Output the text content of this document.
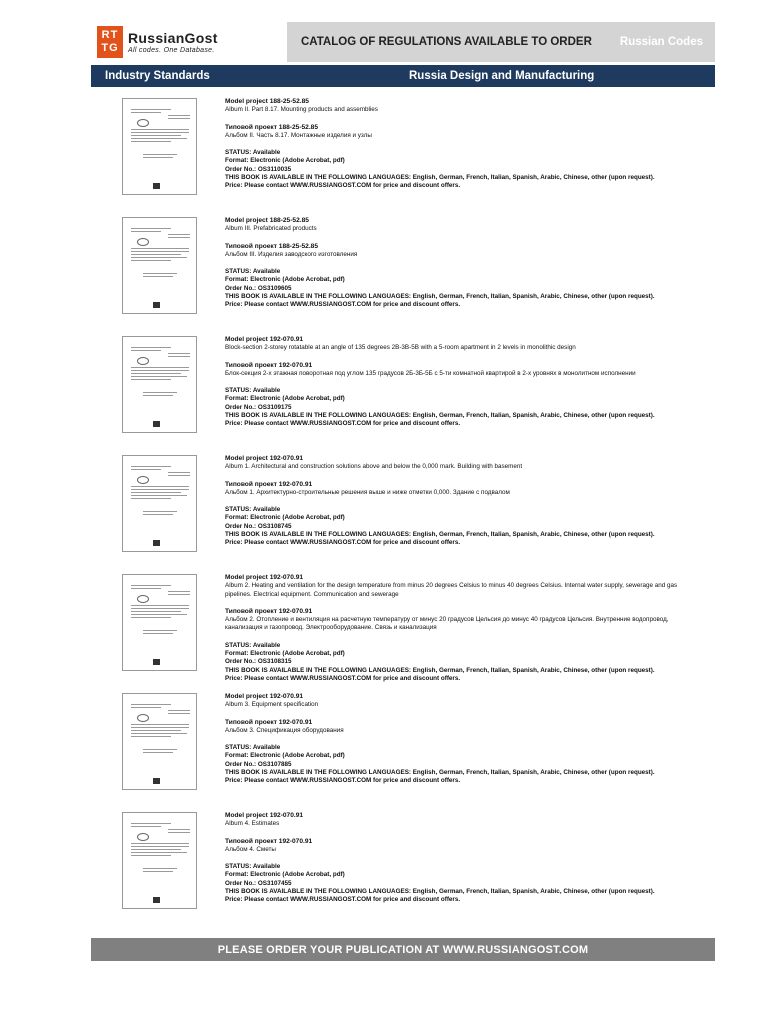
RT
TG
RussianGost
All codes. One Database.
CATALOG OF REGULATIONS AVAILABLE TO ORDER Russian Codes
Industry Standards	Russia Design and Manufacturing
Model project 188-25-52.85
Album II. Part 8.17. Mounting products and assemblies
Типовой проект 188-25-52.85
Альбом II. Часть 8.17. Монтажные изделия и узлы
STATUS: Available
Format: Electronic (Adobe Acrobat, pdf)
Order No.: OS3110035
THIS BOOK IS AVAILABLE IN THE FOLLOWING LANGUAGES: English, German, French, Italian, Spanish, Arabic, Chinese, other (upon request).
Price: Please contact WWW.RUSSIANGOST.COM for price and discount offers.
Model project 188-25-52.85
Album III. Prefabricated products
Типовой проект 188-25-52.85
Альбом III. Изделия заводского изготовления
STATUS: Available
Format: Electronic (Adobe Acrobat, pdf)
Order No.: OS3109605
THIS BOOK IS AVAILABLE IN THE FOLLOWING LANGUAGES: English, German, French, Italian, Spanish, Arabic, Chinese, other (upon request).
Price: Please contact WWW.RUSSIANGOST.COM for price and discount offers.
Model project 192-070.91
Block-section 2-storey rotatable at an angle of 135 degrees 2B-3B-5B with a 5-room apartment in 2 levels in monolithic design
Типовой проект 192-070.91
Блок-секция 2-х этажная поворотная под углом 135 градусов 2Б-3Б-5Б с 5-ти комнатной квартирой в 2-х уровнях в монолитном исполнении
STATUS: Available
Format: Electronic (Adobe Acrobat, pdf)
Order No.: OS3109175
THIS BOOK IS AVAILABLE IN THE FOLLOWING LANGUAGES: English, German, French, Italian, Spanish, Arabic, Chinese, other (upon request).
Price: Please contact WWW.RUSSIANGOST.COM for price and discount offers.
Model project 192-070.91
Album 1. Architectural and construction solutions above and below the 0,000 mark. Building with basement
Типовой проект 192-070.91
Альбом 1. Архитектурно-строительные решения выше и ниже отметки 0,000. Здание с подвалом
STATUS: Available
Format: Electronic (Adobe Acrobat, pdf)
Order No.: OS3108745
THIS BOOK IS AVAILABLE IN THE FOLLOWING LANGUAGES: English, German, French, Italian, Spanish, Arabic, Chinese, other (upon request).
Price: Please contact WWW.RUSSIANGOST.COM for price and discount offers.
Model project 192-070.91
Album 2. Heating and ventilation for the design temperature from minus 20 degrees Celsius to minus 40 degrees Celsius. Internal water supply, sewerage and gas pipelines. Electrical equipment. Communication and sewerage
Типовой проект 192-070.91
Альбом 2. Отопление и вентиляция на расчетную температуру от минус 20 градусов Цельсия до минус 40 градусов Цельсия. Внутренние водопровод, канализация и газопровод. Электрооборудование. Связь и канализация
STATUS: Available
Format: Electronic (Adobe Acrobat, pdf)
Order No.: OS3108315
THIS BOOK IS AVAILABLE IN THE FOLLOWING LANGUAGES: English, German, French, Italian, Spanish, Arabic, Chinese, other (upon request).
Price: Please contact WWW.RUSSIANGOST.COM for price and discount offers.
Model project 192-070.91
Album 3. Equipment specification
Типовой проект 192-070.91
Альбом 3. Спецификация оборудования
STATUS: Available
Format: Electronic (Adobe Acrobat, pdf)
Order No.: OS3107885
THIS BOOK IS AVAILABLE IN THE FOLLOWING LANGUAGES: English, German, French, Italian, Spanish, Arabic, Chinese, other (upon request).
Price: Please contact WWW.RUSSIANGOST.COM for price and discount offers.
Model project 192-070.91
Album 4. Estimates
Типовой проект 192-070.91
Альбом 4. Сметы
STATUS: Available
Format: Electronic (Adobe Acrobat, pdf)
Order No.: OS3107455
THIS BOOK IS AVAILABLE IN THE FOLLOWING LANGUAGES: English, German, French, Italian, Spanish, Arabic, Chinese, other (upon request).
Price: Please contact WWW.RUSSIANGOST.COM for price and discount offers.
PLEASE ORDER YOUR PUBLICATION AT WWW.RUSSIANGOST.COM
